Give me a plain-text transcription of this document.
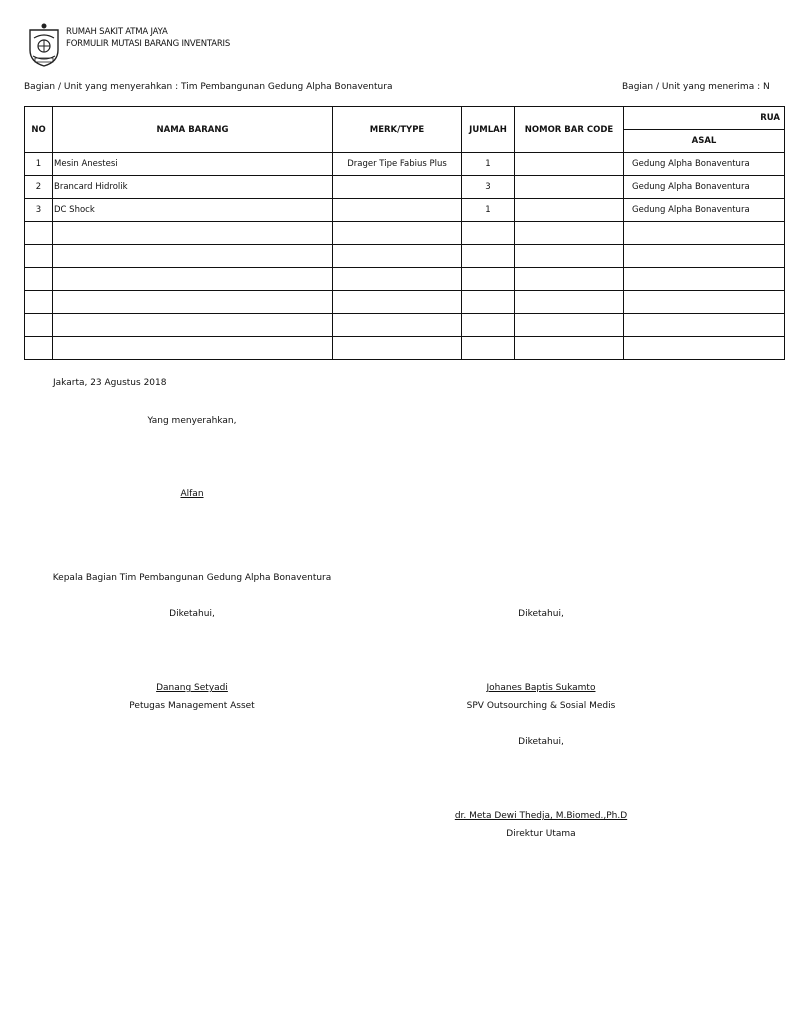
RUMAH SAKIT ATMA JAYA
FORMULIR MUTASI BARANG INVENTARIS
Bagian / Unit yang menyerahkan : Tim Pembangunan Gedung Alpha Bonaventura	Bagian / Unit yang menerima : N
NO	NAMA BARANG	MERK/TYPE	JUMLAH	NOMOR BAR CODE	RUA
					ASAL
1	Mesin Anestesi	Drager Tipe Fabius Plus	1		Gedung Alpha Bonaventura
2	Brancard Hidrolik		3		Gedung Alpha Bonaventura
3	DC Shock		1		Gedung Alpha Bonaventura

Jakarta, 23 Agustus 2018
Yang menyerahkan,
Alfan
Kepala Bagian Tim Pembangunan Gedung Alpha Bonaventura
Diketahui,
Danang Setyadi
Petugas Management Asset
Diketahui,
Johanes Baptis Sukamto
SPV Outsourching & Sosial Medis
Diketahui,
dr. Meta Dewi Thedja, M.Biomed.,Ph.D
Direktur Utama
